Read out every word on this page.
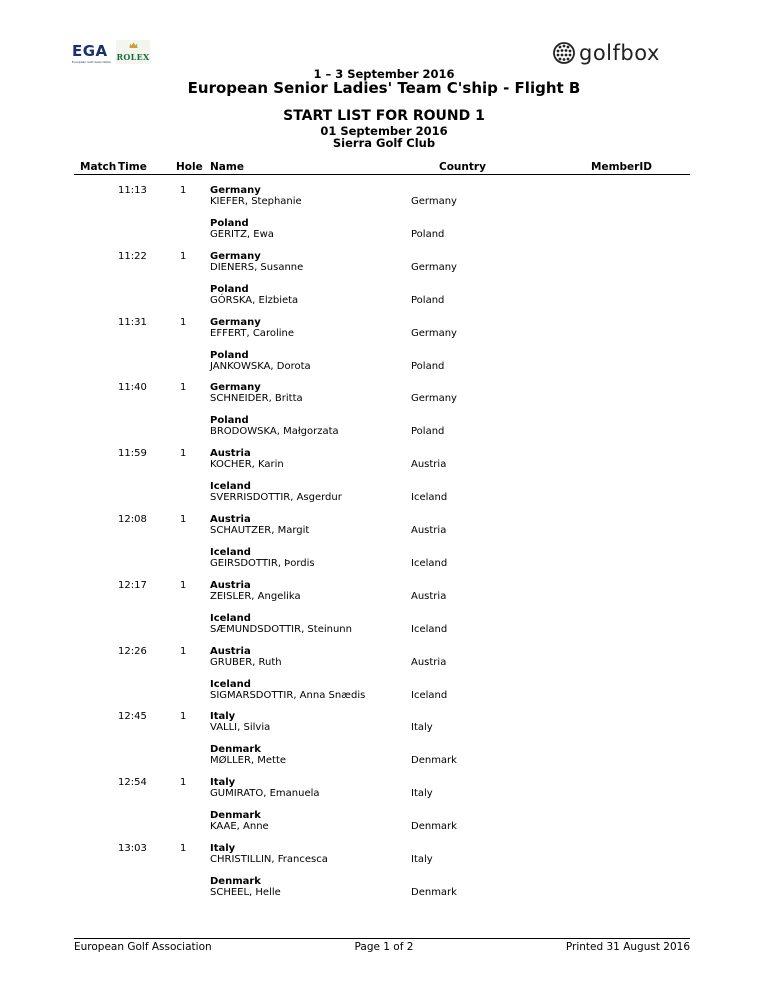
EGA
European Golf Association ROLEX	golfbox
1 – 3 September 2016
European Senior Ladies' Team C'ship - Flight B
START LIST FOR ROUND 1
01 September 2016
Sierra Golf Club
Match Time	Hole Name	Country	MemberID
11:13	1 Germany
KIEFER, Stephanie	Germany
Poland
GERITZ, Ewa	Poland
11:22	1 Germany
DIENERS, Susanne	Germany
Poland
GÓRSKA, Elzbieta	Poland
11:31	1 Germany
EFFERT, Caroline	Germany
Poland
JANKOWSKA, Dorota	Poland
11:40	1 Germany
SCHNEIDER, Britta	Germany
Poland
BRODOWSKA, Małgorzata	Poland
11:59	1 Austria
KOCHER, Karin	Austria
Iceland
SVERRISDOTTIR, Asgerdur	Iceland
12:08	1 Austria
SCHAUTZER, Margit	Austria
Iceland
GEIRSDOTTIR, Þordis	Iceland
12:17	1 Austria
ZEISLER, Angelika	Austria
Iceland
SÆMUNDSDOTTIR, Steinunn	Iceland
12:26	1 Austria
GRUBER, Ruth	Austria
Iceland
SIGMARSDOTTIR, Anna Snædis	Iceland
12:45	1 Italy
VALLI, Silvia	Italy
Denmark
MØLLER, Mette	Denmark
12:54	1 Italy
GUMIRATO, Emanuela	Italy
Denmark
KAAE, Anne	Denmark
13:03	1 Italy
CHRISTILLIN, Francesca	Italy
Denmark
SCHEEL, Helle	Denmark
European Golf Association	Page 1 of 2	Printed 31 August 2016
